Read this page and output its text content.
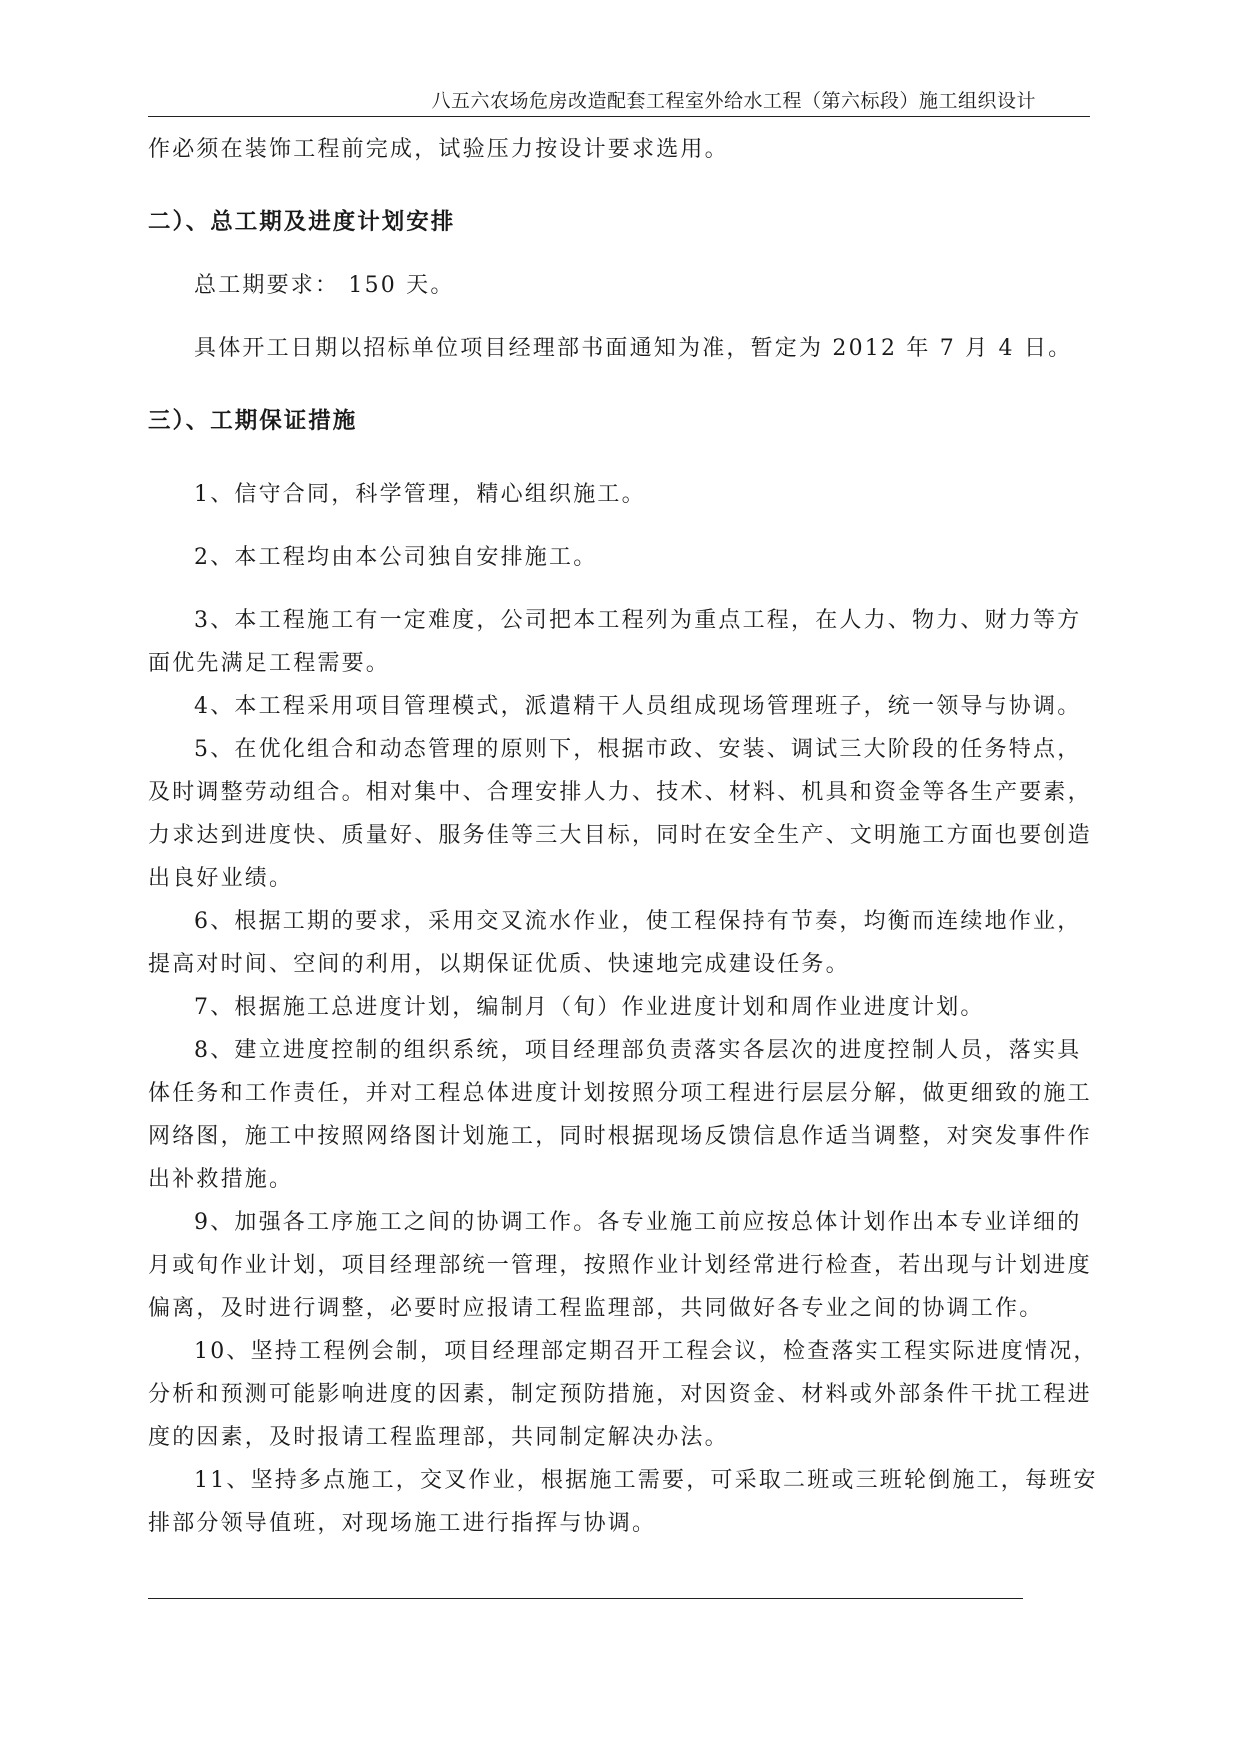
八五六农场危房改造配套工程室外给水工程（第六标段）施工组织设计
作必须在装饰工程前完成，试验压力按设计要求选用。
二）、总工期及进度计划安排
总工期要求： 150 天。
具体开工日期以招标单位项目经理部书面通知为准，暂定为 2012 年 7 月 4 日。
三）、工期保证措施
1、信守合同，科学管理，精心组织施工。
2、本工程均由本公司独自安排施工。
3、本工程施工有一定难度，公司把本工程列为重点工程，在人力、物力、财力等方
面优先满足工程需要。
4、本工程采用项目管理模式，派遣精干人员组成现场管理班子，统一领导与协调。
5、在优化组合和动态管理的原则下，根据市政、安装、调试三大阶段的任务特点，
及时调整劳动组合。相对集中、合理安排人力、技术、材料、机具和资金等各生产要素，
力求达到进度快、质量好、服务佳等三大目标，同时在安全生产、文明施工方面也要创造
出良好业绩。
6、根据工期的要求，采用交叉流水作业，使工程保持有节奏，均衡而连续地作业，
提高对时间、空间的利用，以期保证优质、快速地完成建设任务。
7、根据施工总进度计划，编制月（旬）作业进度计划和周作业进度计划。
8、建立进度控制的组织系统，项目经理部负责落实各层次的进度控制人员，落实具
体任务和工作责任，并对工程总体进度计划按照分项工程进行层层分解，做更细致的施工
网络图，施工中按照网络图计划施工，同时根据现场反馈信息作适当调整，对突发事件作
出补救措施。
9、加强各工序施工之间的协调工作。各专业施工前应按总体计划作出本专业详细的
月或旬作业计划，项目经理部统一管理，按照作业计划经常进行检查，若出现与计划进度
偏离，及时进行调整，必要时应报请工程监理部，共同做好各专业之间的协调工作。
10、坚持工程例会制，项目经理部定期召开工程会议，检查落实工程实际进度情况，
分析和预测可能影响进度的因素，制定预防措施，对因资金、材料或外部条件干扰工程进
度的因素，及时报请工程监理部，共同制定解决办法。
11、坚持多点施工，交叉作业，根据施工需要，可采取二班或三班轮倒施工，每班安
排部分领导值班，对现场施工进行指挥与协调。
